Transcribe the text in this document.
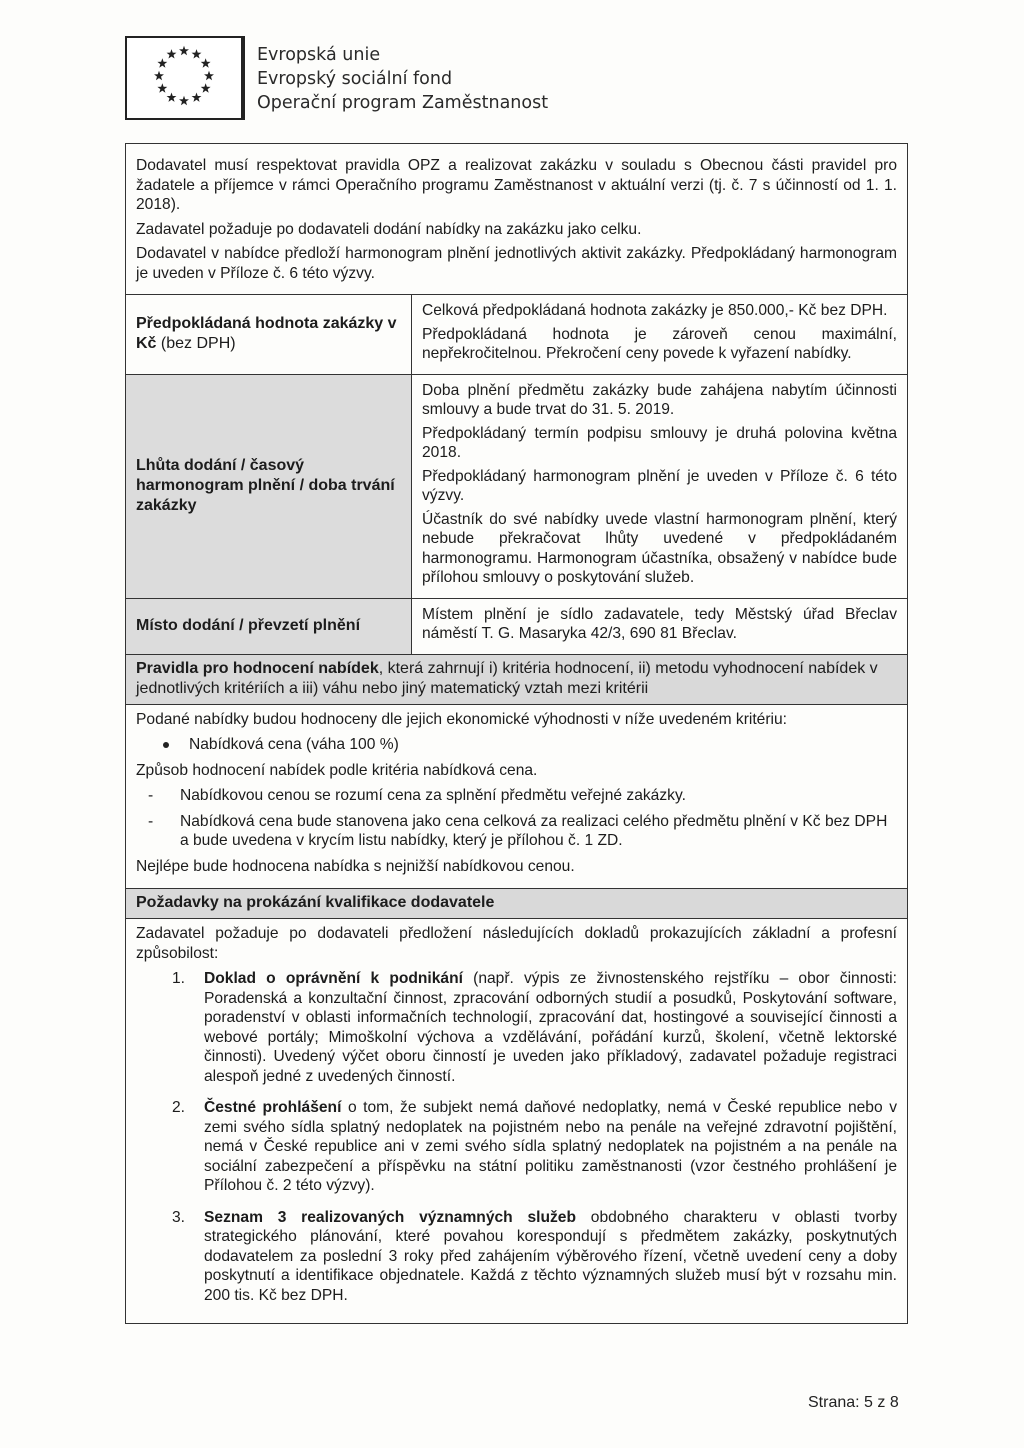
Evropská unie
Evropský sociální fond
Operační program Zaměstnanost

Dodavatel musí respektovat pravidla OPZ a realizovat zakázku v souladu s Obecnou části pravidel pro žadatele a příjemce v rámci Operačního programu Zaměstnanost v aktuální verzi (tj. č. 7 s účinností od 1. 1. 2018).

Zadavatel požaduje po dodavateli dodání nabídky na zakázku jako celku.

Dodavatel v nabídce předloží harmonogram plnění jednotlivých aktivit zakázky. Předpokládaný harmonogram je uveden v Příloze č. 6 této výzvy.

Předpokládaná hodnota zakázky v Kč (bez DPH)

Celková předpokládaná hodnota zakázky je 850.000,- Kč bez DPH.

Předpokládaná hodnota je zároveň cenou maximální, nepřekročitelnou. Překročení ceny povede k vyřazení nabídky.

Lhůta dodání / časový harmonogram plnění / doba trvání zakázky

Doba plnění předmětu zakázky bude zahájena nabytím účinnosti smlouvy a bude trvat do 31. 5. 2019.

Předpokládaný termín podpisu smlouvy je druhá polovina května 2018.

Předpokládaný harmonogram plnění je uveden v Příloze č. 6 této výzvy.

Účastník do své nabídky uvede vlastní harmonogram plnění, který nebude překračovat lhůty uvedené v předpokládaném harmonogramu. Harmonogram účastníka, obsažený v nabídce bude přílohou smlouvy o poskytování služeb.

Místo dodání / převzetí plnění

Místem plnění je sídlo zadavatele, tedy Městský úřad Břeclav náměstí T. G. Masaryka 42/3, 690 81 Břeclav.

Pravidla pro hodnocení nabídek, která zahrnují i) kritéria hodnocení, ii) metodu vyhodnocení nabídek v jednotlivých kritériích a iii) váhu nebo jiný matematický vztah mezi kritérii

Podané nabídky budou hodnoceny dle jejich ekonomické výhodnosti v níže uvedeném kritériu:

Nabídková cena (váha 100 %)

Způsob hodnocení nabídek podle kritéria nabídková cena.

- Nabídkovou cenou se rozumí cena za splnění předmětu veřejné zakázky.
- Nabídková cena bude stanovena jako cena celková za realizaci celého předmětu plnění v Kč bez DPH a bude uvedena v krycím listu nabídky, který je přílohou č. 1 ZD.

Nejlépe bude hodnocena nabídka s nejnižší nabídkovou cenou.

Požadavky na prokázání kvalifikace dodavatele

Zadavatel požaduje po dodavateli předložení následujících dokladů prokazujících základní a profesní způsobilost:

1. Doklad o oprávnění k podnikání (např. výpis ze živnostenského rejstříku – obor činnosti: Poradenská a konzultační činnost, zpracování odborných studií a posudků, Poskytování software, poradenství v oblasti informačních technologií, zpracování dat, hostingové a související činnosti a webové portály; Mimoškolní výchova a vzdělávání, pořádání kurzů, školení, včetně lektorské činnosti). Uvedený výčet oboru činností je uveden jako příkladový, zadavatel požaduje registraci alespoň jedné z uvedených činností.
2. Čestné prohlášení o tom, že subjekt nemá daňové nedoplatky, nemá v České republice nebo v zemi svého sídla splatný nedoplatek na pojistném nebo na penále na veřejné zdravotní pojištění, nemá v České republice ani v zemi svého sídla splatný nedoplatek na pojistném a na penále na sociální zabezpečení a příspěvku na státní politiku zaměstnanosti (vzor čestného prohlášení je Přílohou č. 2 této výzvy).
3. Seznam 3 realizovaných významných služeb obdobného charakteru v oblasti tvorby strategického plánování, které povahou korespondují s předmětem zakázky, poskytnutých dodavatelem za poslední 3 roky před zahájením výběrového řízení, včetně uvedení ceny a doby poskytnutí a identifikace objednatele. Každá z těchto významných služeb musí být v rozsahu min. 200 tis. Kč bez DPH.
Strana: 5 z 8
